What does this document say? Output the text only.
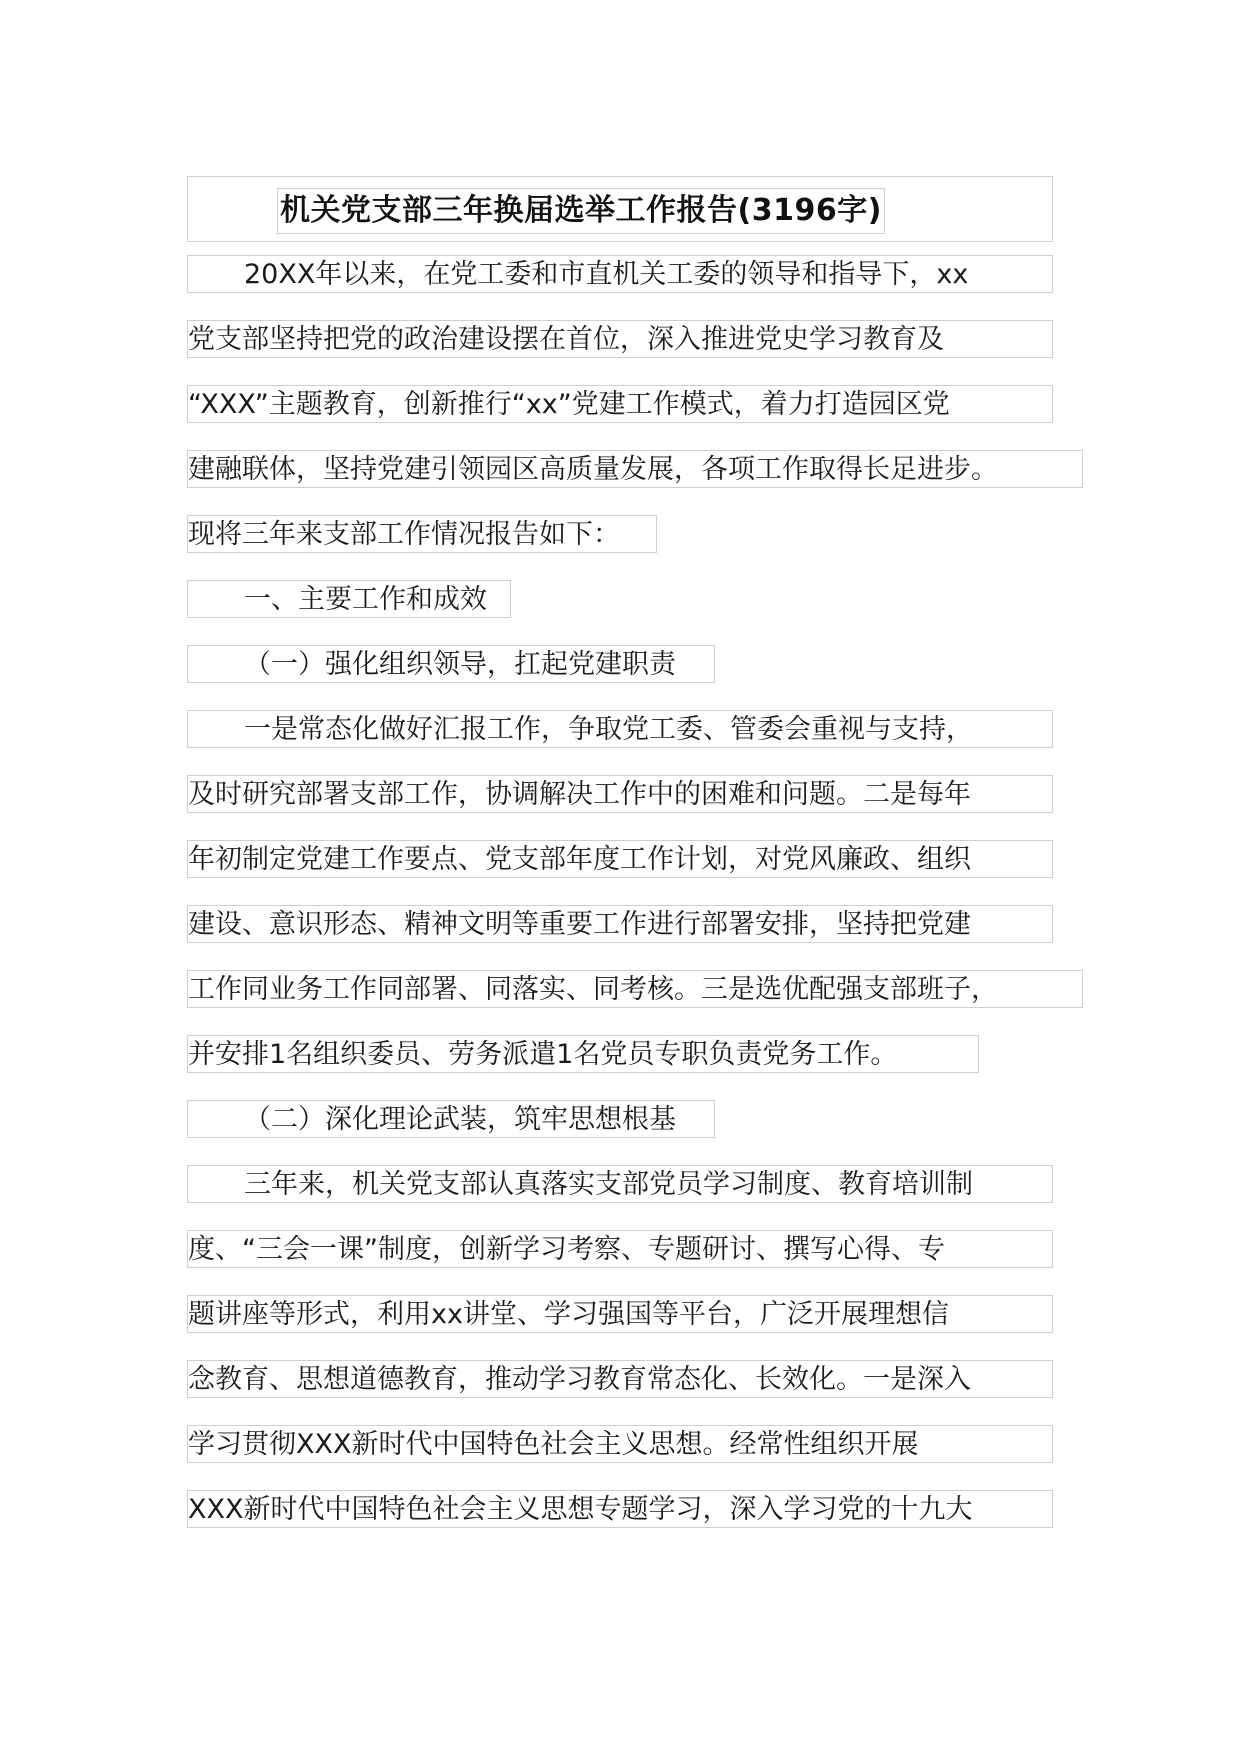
机关党支部三年换届选举工作报告(3196字)
20XX年以来，在党工委和市直机关工委的领导和指导下，xx
党支部坚持把党的政治建设摆在首位，深入推进党史学习教育及
“XXX”主题教育，创新推行“xx”党建工作模式，着力打造园区党
建融联体，坚持党建引领园区高质量发展，各项工作取得长足进步。
现将三年来支部工作情况报告如下：
一、主要工作和成效
（一）强化组织领导，扛起党建职责
一是常态化做好汇报工作，争取党工委、管委会重视与支持，
及时研究部署支部工作，协调解决工作中的困难和问题。二是每年
年初制定党建工作要点、党支部年度工作计划，对党风廉政、组织
建设、意识形态、精神文明等重要工作进行部署安排，坚持把党建
工作同业务工作同部署、同落实、同考核。三是选优配强支部班子，
并安排1名组织委员、劳务派遣1名党员专职负责党务工作。
（二）深化理论武装，筑牢思想根基
三年来，机关党支部认真落实支部党员学习制度、教育培训制
度、“三会一课”制度，创新学习考察、专题研讨、撰写心得、专
题讲座等形式，利用xx讲堂、学习强国等平台，广泛开展理想信
念教育、思想道德教育，推动学习教育常态化、长效化。一是深入
学习贯彻XXX新时代中国特色社会主义思想。经常性组织开展
XXX新时代中国特色社会主义思想专题学习，深入学习党的十九大
